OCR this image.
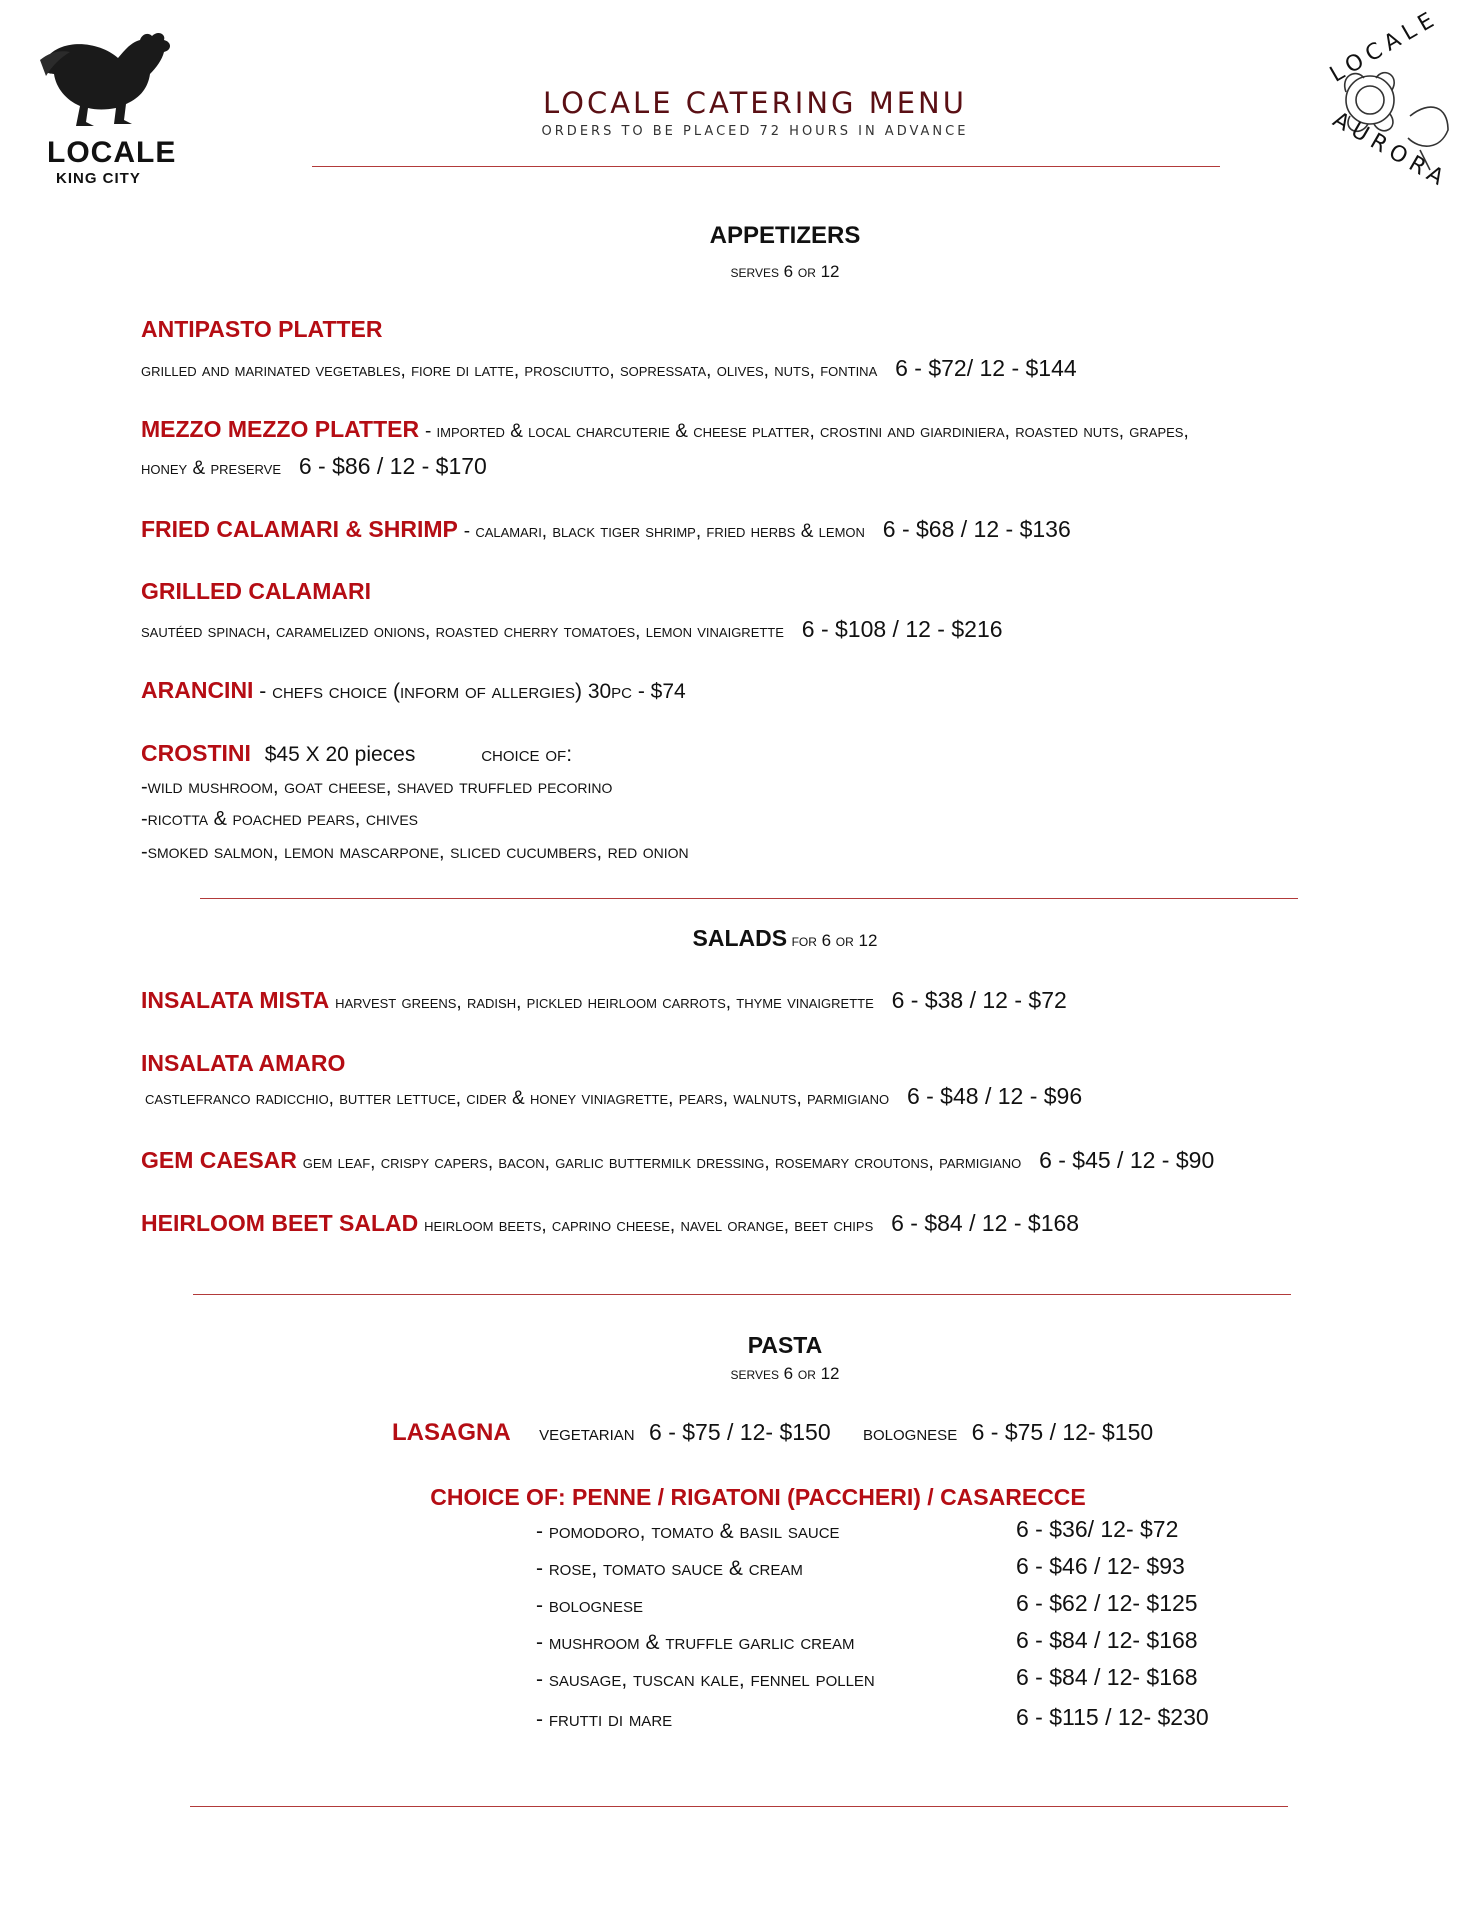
LOCALE
KING CITY
LOCALE CATERING MENU
ORDERS TO BE PLACED 72 HOURS IN ADVANCE
LOCALE
AURORA
APPETIZERS
serves 6 or 12
ANTIPASTO PLATTER
grilled and marinated vegetables, fiore di latte, prosciutto, sopressata, olives, nuts, fontina 6 - $72/ 12 - $144
MEZZO MEZZO PLATTER - imported & local charcuterie & cheese platter, crostini and giardiniera, roasted nuts, grapes,
honey & preserve 6 - $86 / 12 - $170
FRIED CALAMARI & SHRIMP - calamari, black tiger shrimp, fried herbs & lemon 6 - $68 / 12 - $136
GRILLED CALAMARI
sautéed spinach, caramelized onions, roasted cherry tomatoes, lemon vinaigrette 6 - $108 / 12 - $216
ARANCINI - chefs choice (inform of allergies) 30pc - $74
CROSTINI $45 X 20 pieces	choice of:
-wild mushroom, goat cheese, shaved truffled pecorino
-ricotta & poached pears, chives
-smoked salmon, lemon mascarpone, sliced cucumbers, red onion
SALADS for 6 or 12
INSALATA MISTA harvest greens, radish, pickled heirloom carrots, thyme vinaigrette 6 - $38 / 12 - $72
INSALATA AMARO
castlefranco radicchio, butter lettuce, cider & honey viniagrette, pears, walnuts, parmigiano 6 - $48 / 12 - $96
GEM CAESAR gem leaf, crispy capers, bacon, garlic buttermilk dressing, rosemary croutons, parmigiano 6 - $45 / 12 - $90
HEIRLOOM BEET SALAD heirloom beets, caprino cheese, navel orange, beet chips 6 - $84 / 12 - $168
PASTA
serves 6 or 12
LASAGNA vegetarian 6 - $75 / 12- $150 bolognese 6 - $75 / 12- $150
CHOICE OF: PENNE / RIGATONI (PACCHERI) / CASARECCE
- pomodoro, tomato & basil sauce	6 - $36/ 12- $72
- rose, tomato sauce & cream	6 - $46 / 12- $93
- bolognese	6 - $62 / 12- $125
- mushroom & truffle garlic cream	6 - $84 / 12- $168
- sausage, tuscan kale, fennel pollen	6 - $84 / 12- $168
- frutti di mare	6 - $115 / 12- $230
